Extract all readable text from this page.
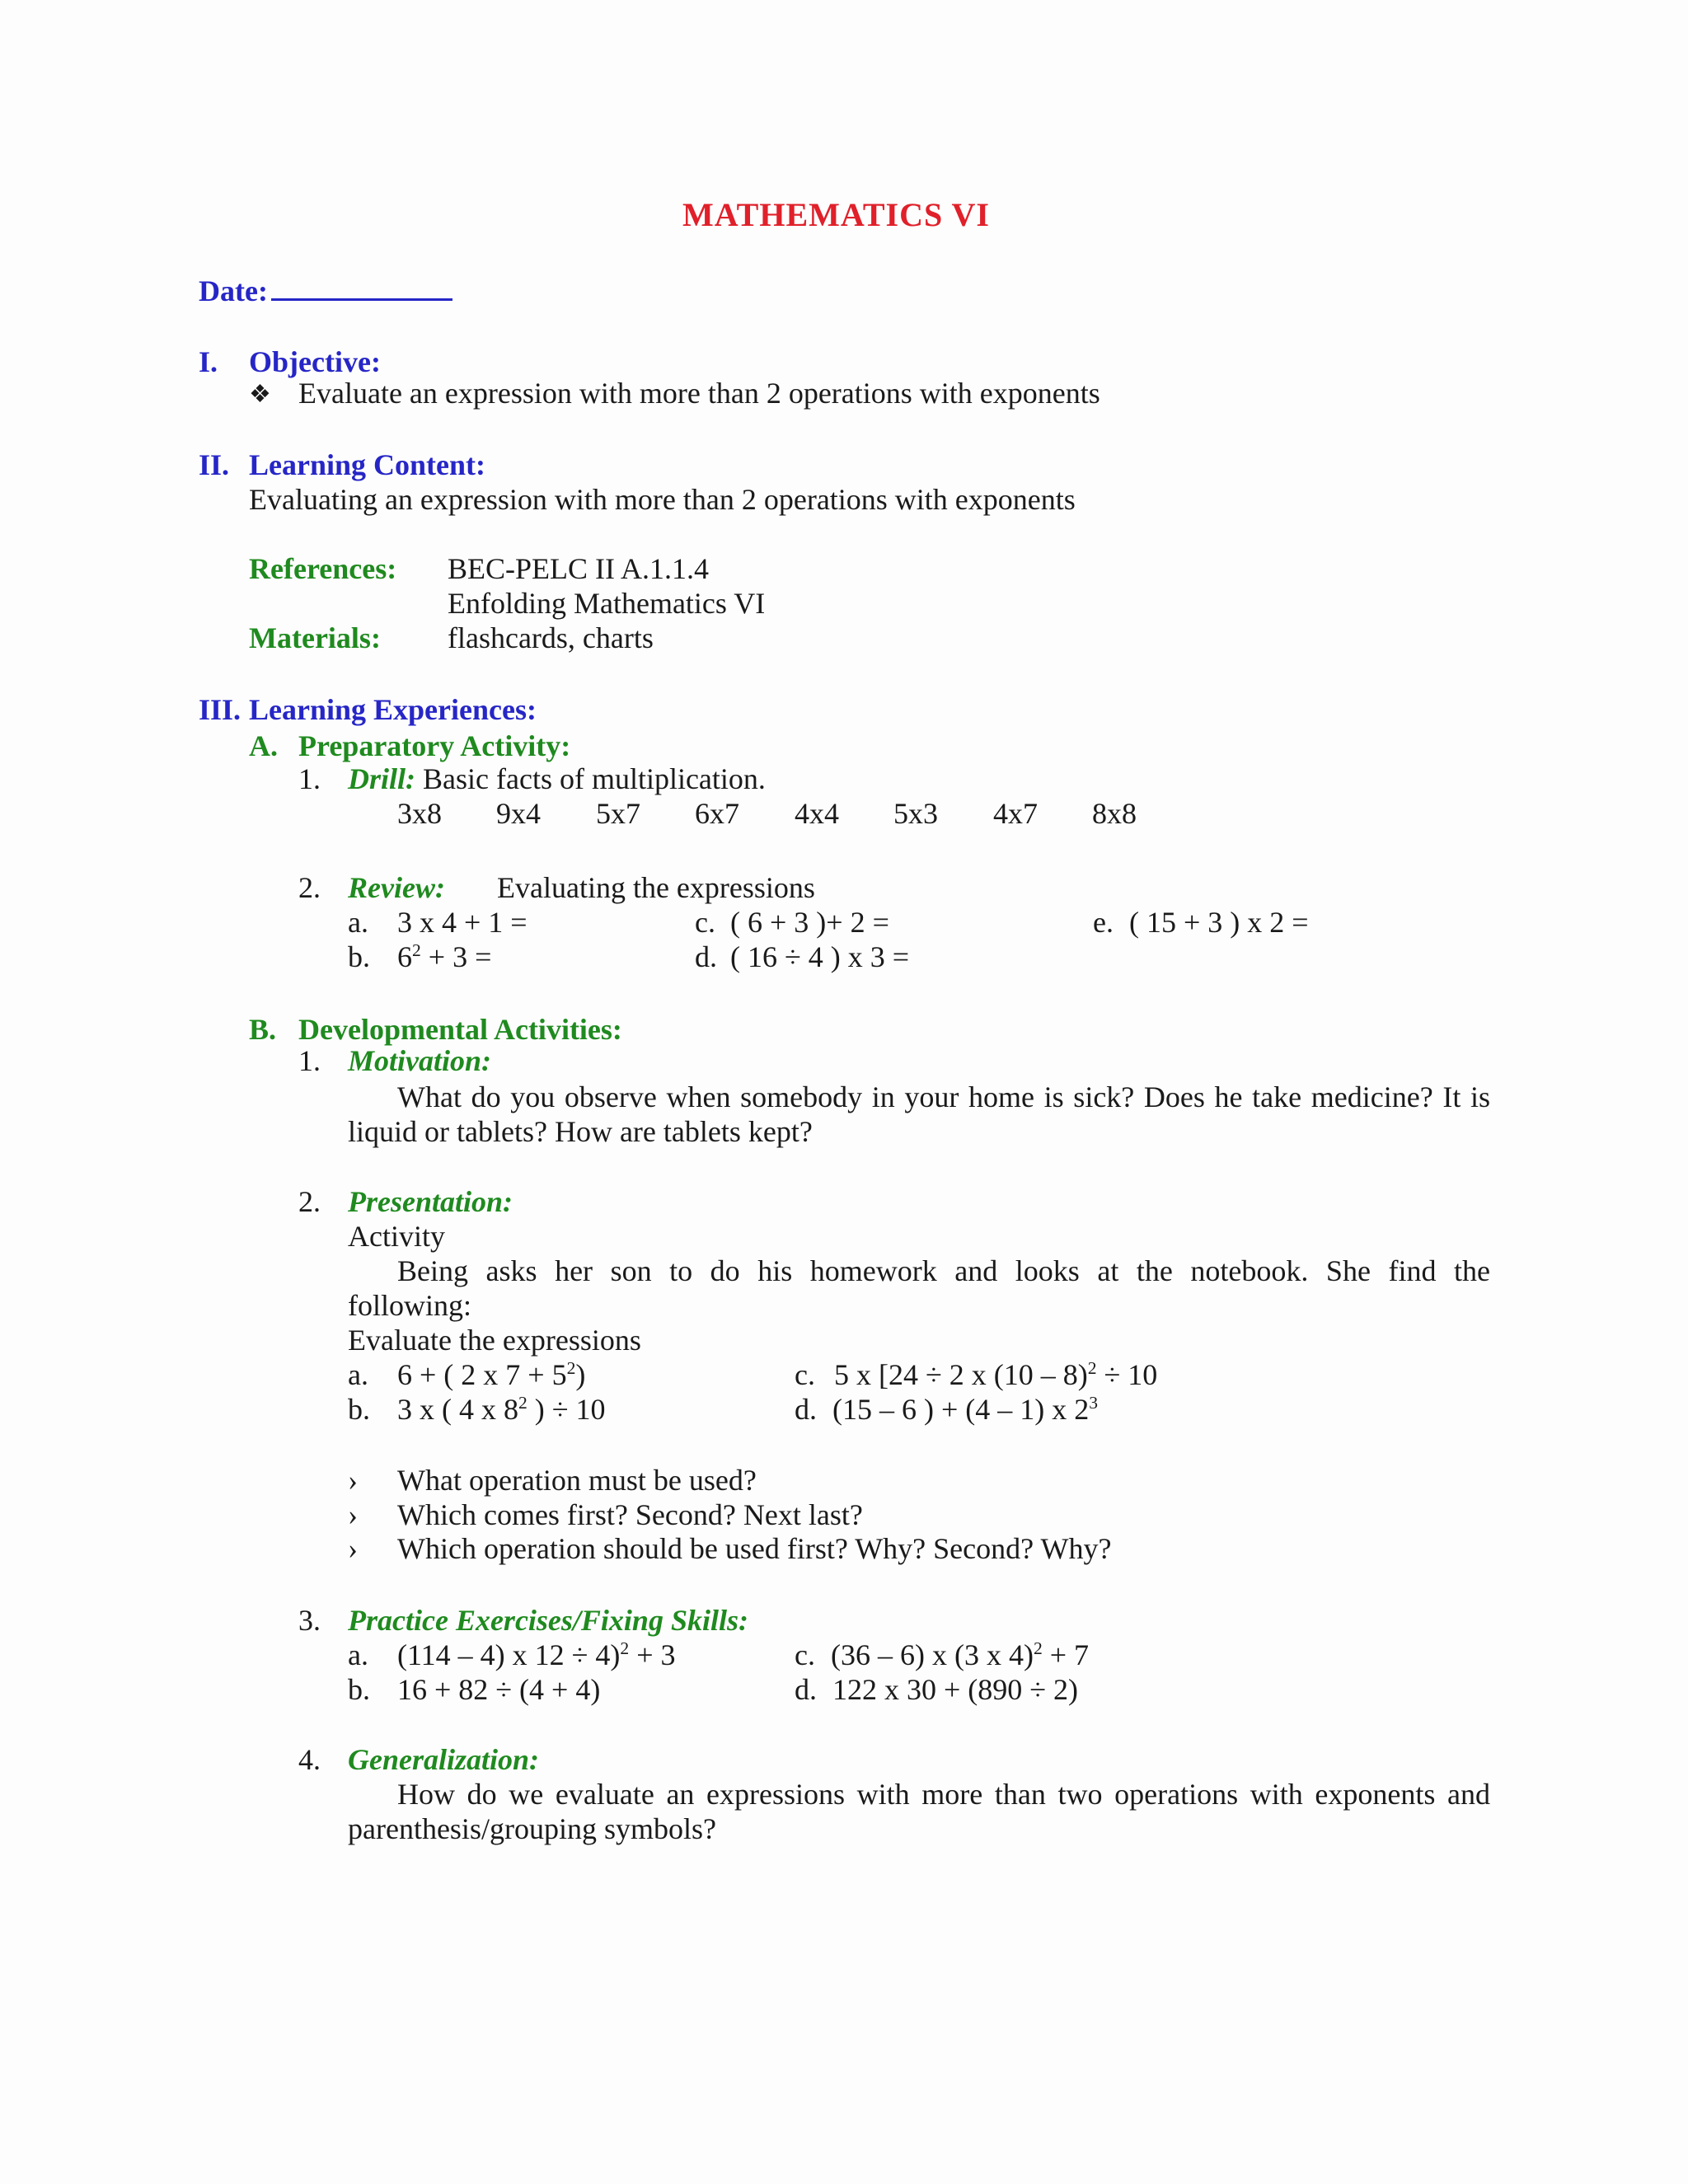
MATHEMATICS VI
Date:
I. Objective:
❖ Evaluate an expression with more than 2 operations with exponents
II. Learning Content:
Evaluating an expression with more than 2 operations with exponents
References: BEC-PELC II A.1.1.4
Enfolding Mathematics VI
Materials: flashcards, charts
III. Learning Experiences:
A. Preparatory Activity:
1. Drill: Basic facts of multiplication.
3x8 9x4 5x7 6x7 4x4 5x3 4x7 8x8
2. Review: Evaluating the expressions
a. 3 x 4 + 1 =
b. $6^2 + 3$ =
c. ( 6 + 3 )+ 2 =
d. ( 16 ÷ 4 ) x 3 =
e. ( 15 + 3 ) x 2 =
B. Developmental Activities:
1. Motivation:
What do you observe when somebody in your home is sick? Does he take medicine? It is liquid or tablets? How are tablets kept?
2. Presentation:
Activity
Being asks her son to do his homework and looks at the notebook. She find the following:
Evaluate the expressions
a. 6 + ( 2 x $7 + 5^2$)
b. 3 x ( 4 x $8^2$ ) ÷ 10
c. 5 x [24 ÷ 2 x (10 – 8)$^2$ ÷ 10
d. (15 – 6 ) + (4 – 1) x $2^3$
› What operation must be used?
› Which comes first? Second? Next last?
› Which operation should be used first? Why? Second? Why?
3. Practice Exercises/Fixing Skills:
a. (114 – 4) x 12 ÷ 4)$^2$ + 3
b. 16 + 82 ÷ (4 + 4)
c. (36 – 6) x (3 x 4)$^2$ + 7
d. 122 x 30 + (890 ÷ 2)
4. Generalization:
How do we evaluate an expressions with more than two operations with exponents and parenthesis/grouping symbols?
